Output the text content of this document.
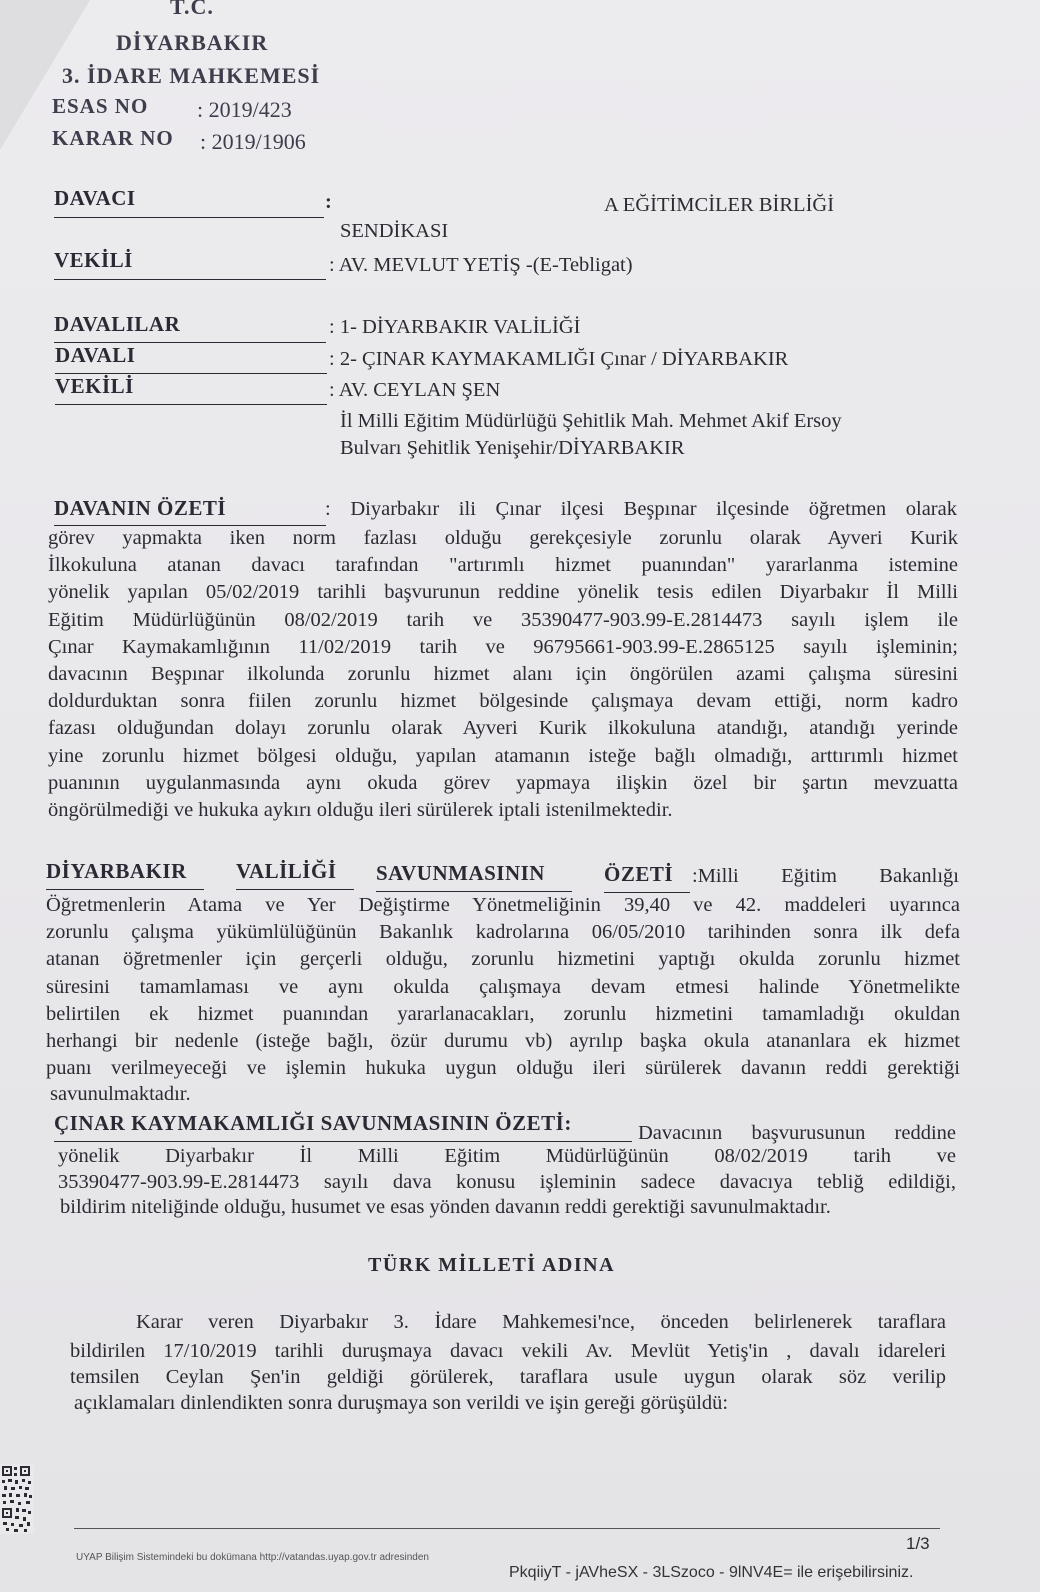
T.C.
DİYARBAKIR
3. İDARE MAHKEMESİ
ESAS NO : 2019/423
KARAR NO : 2019/1906
DAVACI	:	A EĞİTİMCİLER BİRLİĞİ
SENDİKASI
VEKİLİ	: AV. MEVLUT YETİŞ -(E-Tebligat)
DAVALILAR	: 1- DİYARBAKIR VALİLİĞİ
DAVALI	: 2- ÇINAR KAYMAKAMLIĞI Çınar / DİYARBAKIR
VEKİLİ	: AV. CEYLAN ŞEN
İl Milli Eğitim Müdürlüğü Şehitlik Mah. Mehmet Akif Ersoy
Bulvarı Şehitlik Yenişehir/DİYARBAKIR
DAVANIN ÖZETİ	: Diyarbakır ili Çınar ilçesi Beşpınar ilçesinde öğretmen olarak
görev yapmakta iken norm fazlası olduğu gerekçesiyle zorunlu olarak Ayveri Kurik
İlkokuluna atanan davacı tarafından "artırımlı hizmet puanından" yararlanma istemine
yönelik yapılan 05/02/2019 tarihli başvurunun reddine yönelik tesis edilen Diyarbakır İl Milli
Eğitim Müdürlüğünün 08/02/2019 tarih ve 35390477-903.99-E.2814473 sayılı işlem ile
Çınar Kaymakamlığının 11/02/2019 tarih ve 96795661-903.99-E.2865125 sayılı işleminin;
davacının Beşpınar ilkolunda zorunlu hizmet alanı için öngörülen azami çalışma süresini
doldurduktan sonra fiilen zorunlu hizmet bölgesinde çalışmaya devam ettiği, norm kadro
fazası olduğundan dolayı zorunlu olarak Ayveri Kurik ilkokuluna atandığı, atandığı yerinde
yine zorunlu hizmet bölgesi olduğu, yapılan atamanın isteğe bağlı olmadığı, arttırımlı hizmet
puanının uygulanmasında aynı okuda görev yapmaya ilişkin özel bir şartın mevzuatta
öngörülmediği ve hukuka aykırı olduğu ileri sürülerek iptali istenilmektedir.
DİYARBAKIR VALİLİĞİ SAVUNMASININ	ÖZETİ :Milli Eğitim Bakanlığı
Öğretmenlerin Atama ve Yer Değiştirme Yönetmeliğinin 39,40 ve 42. maddeleri uyarınca
zorunlu çalışma yükümlülüğünün Bakanlık kadrolarına 06/05/2010 tarihinden sonra ilk defa
atanan öğretmenler için gerçerli olduğu, zorunlu hizmetini yaptığı okulda zorunlu hizmet
süresini tamamlaması ve aynı okulda çalışmaya devam etmesi halinde Yönetmelikte
belirtilen ek hizmet puanından yararlanacakları, zorunlu hizmetini tamamladığı okuldan
herhangi bir nedenle (isteğe bağlı, özür durumu vb) ayrılıp başka okula atananlara ek hizmet
puanı verilmeyeceği ve işlemin hukuka uygun olduğu ileri sürülerek davanın reddi gerektiği
savunulmaktadır.
ÇINAR KAYMAKAMLIĞI SAVUNMASININ ÖZETİ:	Davacının başvurusunun reddine
yönelik Diyarbakır İl Milli Eğitim Müdürlüğünün 08/02/2019 tarih ve
35390477-903.99-E.2814473 sayılı dava konusu işleminin sadece davacıya tebliğ edildiği,
bildirim niteliğinde olduğu, husumet ve esas yönden davanın reddi gerektiği savunulmaktadır.
TÜRK MİLLETİ ADINA
Karar veren Diyarbakır 3. İdare Mahkemesi'nce, önceden belirlenerek taraflara
bildirilen 17/10/2019 tarihli duruşmaya davacı vekili Av. Mevlüt Yetiş'in , davalı idareleri
temsilen Ceylan Şen'in geldiği görülerek, taraflara usule uygun olarak söz verilip
açıklamaları dinlendikten sonra duruşmaya son verildi ve işin gereği görüşüldü:
UYAP Bilişim Sistemindeki bu dokümana http://vatandas.uyap.gov.tr adresinden
PkqiiyT - jAVheSX - 3LSzoco - 9lNV4E= ile erişebilirsiniz.
1/3
